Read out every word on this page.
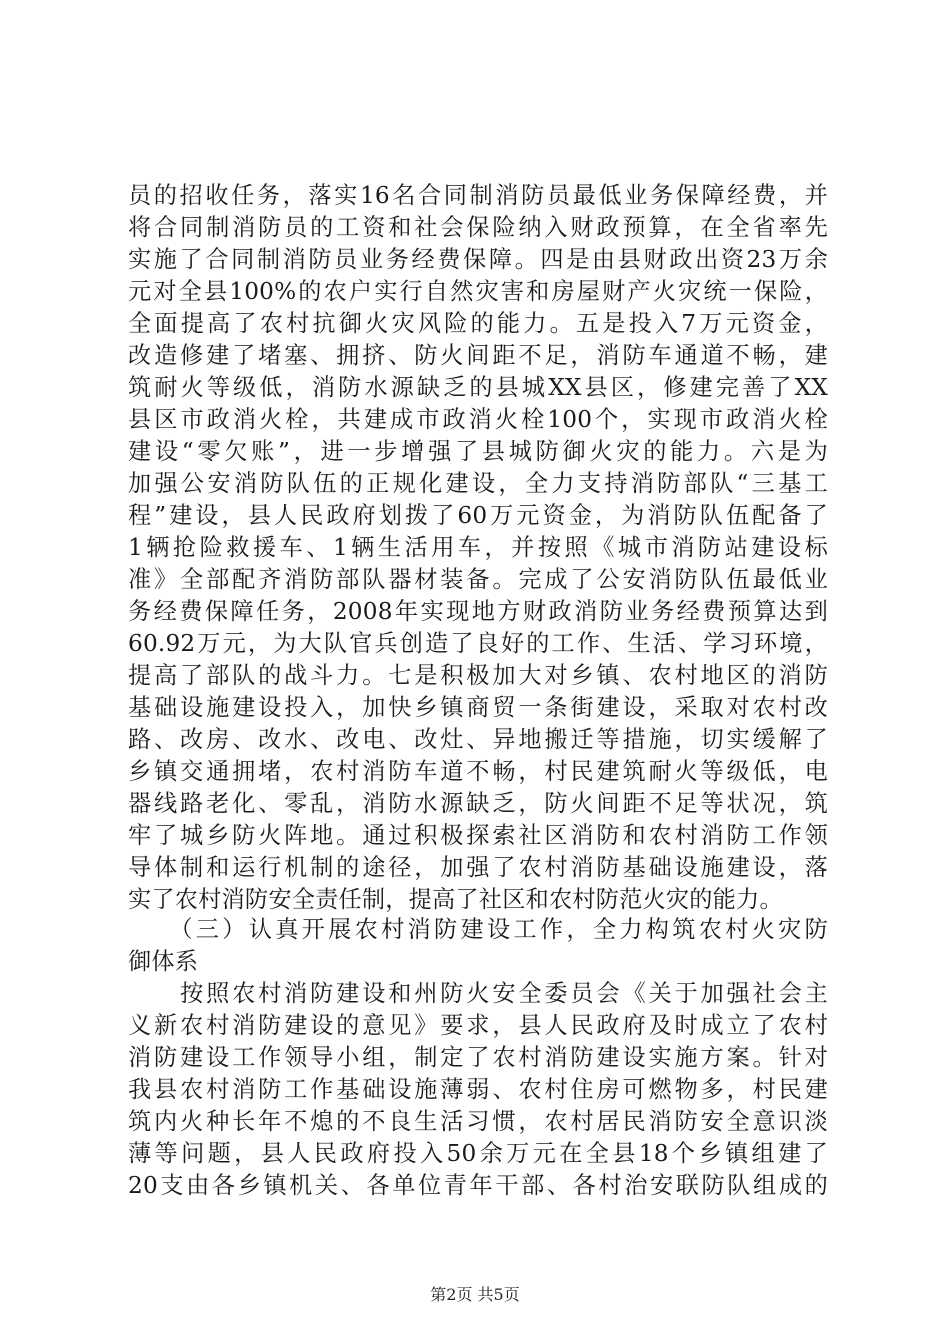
员的招收任务，落实16名合同制消防员最低业务保障经费，并
将合同制消防员的工资和社会保险纳入财政预算，在全省率先
实施了合同制消防员业务经费保障。四是由县财政出资23万余
元对全县100%的农户实行自然灾害和房屋财产火灾统一保险，
全面提高了农村抗御火灾风险的能力。五是投入7万元资金，
改造修建了堵塞、拥挤、防火间距不足，消防车通道不畅，建
筑耐火等级低，消防水源缺乏的县城XX县区，修建完善了XX
县区市政消火栓，共建成市政消火栓100个，实现市政消火栓
建设“零欠账”，进一步增强了县城防御火灾的能力。六是为
加强公安消防队伍的正规化建设，全力支持消防部队“三基工
程”建设，县人民政府划拨了60万元资金，为消防队伍配备了
1辆抢险救援车、1辆生活用车，并按照《城市消防站建设标
准》全部配齐消防部队器材装备。完成了公安消防队伍最低业
务经费保障任务，2008年实现地方财政消防业务经费预算达到
60.92万元，为大队官兵创造了良好的工作、生活、学习环境，
提高了部队的战斗力。七是积极加大对乡镇、农村地区的消防
基础设施建设投入，加快乡镇商贸一条街建设，采取对农村改
路、改房、改水、改电、改灶、异地搬迁等措施，切实缓解了
乡镇交通拥堵，农村消防车道不畅，村民建筑耐火等级低，电
器线路老化、零乱，消防水源缺乏，防火间距不足等状况，筑
牢了城乡防火阵地。通过积极探索社区消防和农村消防工作领
导体制和运行机制的途径，加强了农村消防基础设施建设，落
实了农村消防安全责任制，提高了社区和农村防范火灾的能力。
　　（三）认真开展农村消防建设工作，全力构筑农村火灾防
御体系
　　按照农村消防建设和州防火安全委员会《关于加强社会主
义新农村消防建设的意见》要求，县人民政府及时成立了农村
消防建设工作领导小组，制定了农村消防建设实施方案。针对
我县农村消防工作基础设施薄弱、农村住房可燃物多，村民建
筑内火种长年不熄的不良生活习惯，农村居民消防安全意识淡
薄等问题，县人民政府投入50余万元在全县18个乡镇组建了
20支由各乡镇机关、各单位青年干部、各村治安联防队组成的
第2页 共5页
